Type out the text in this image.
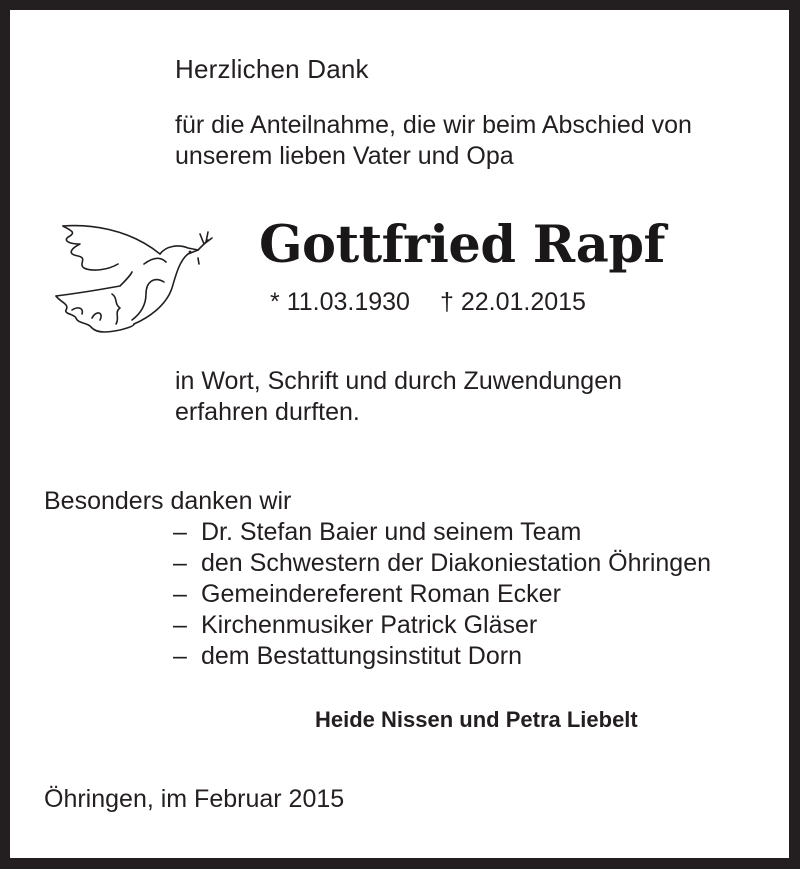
Herzlichen Dank
für die Anteilnahme, die wir beim Abschied von
unserem lieben Vater und Opa
Gottfried Rapf
* 11.03.1930 † 22.01.2015
in Wort, Schrift und durch Zuwendungen
erfahren durften.
Besonders danken wir
– Dr. Stefan Baier und seinem Team
– den Schwestern der Diakoniestation Öhringen
– Gemeindereferent Roman Ecker
– Kirchenmusiker Patrick Gläser
– dem Bestattungsinstitut Dorn
Heide Nissen und Petra Liebelt
Öhringen, im Februar 2015
